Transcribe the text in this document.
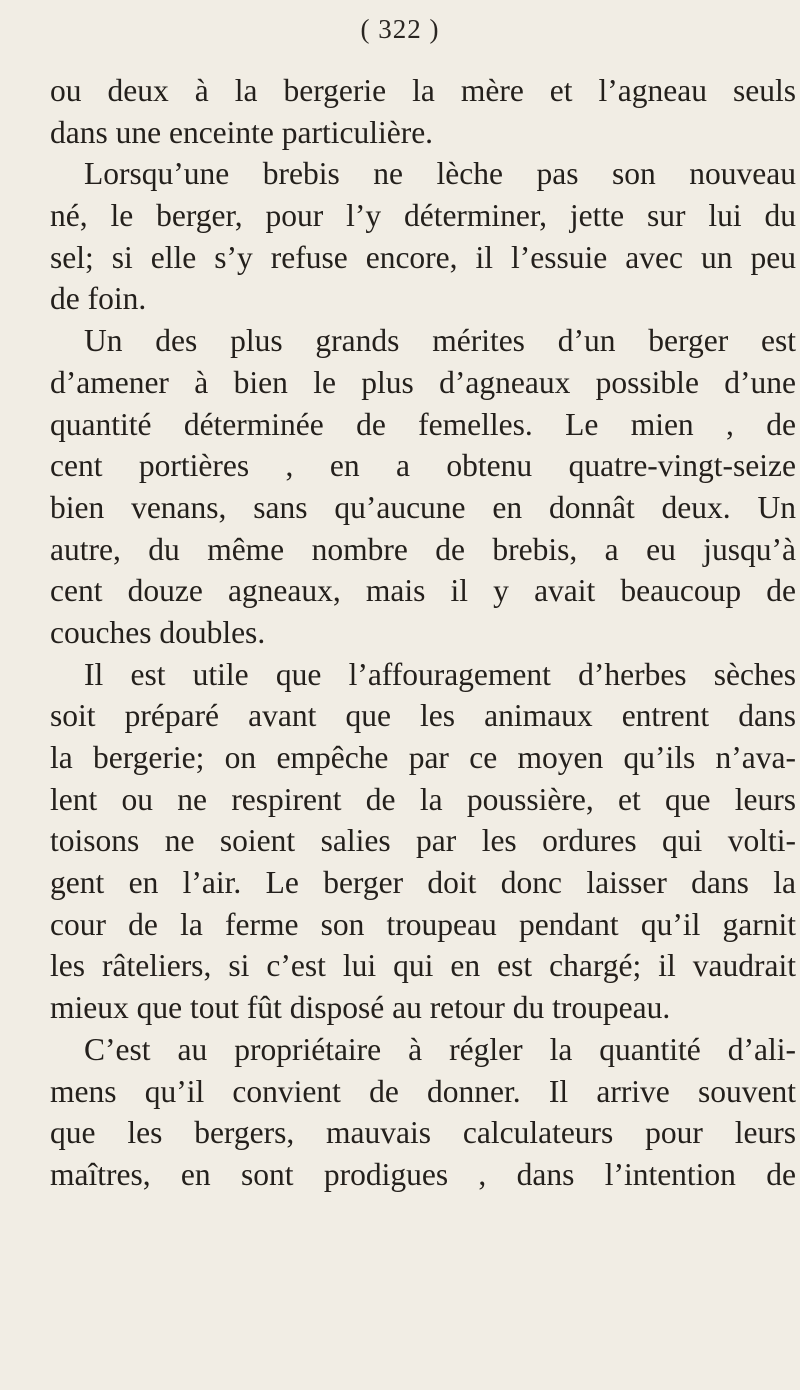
( 322 )
ou deux à la bergerie la mère et l’agneau seuls
dans une enceinte particulière.
Lorsqu’une brebis ne lèche pas son nouveau
né, le berger, pour l’y déterminer, jette sur lui du
sel; si elle s’y refuse encore, il l’essuie avec un peu
de foin.
Un des plus grands mérites d’un berger est
d’amener à bien le plus d’agneaux possible d’une
quantité déterminée de femelles. Le mien , de
cent portières , en a obtenu quatre-vingt-seize
bien venans, sans qu’aucune en donnât deux. Un
autre, du même nombre de brebis, a eu jusqu’à
cent douze agneaux, mais il y avait beaucoup de
couches doubles.
Il est utile que l’affouragement d’herbes sèches
soit préparé avant que les animaux entrent dans
la bergerie; on empêche par ce moyen qu’ils n’ava-
lent ou ne respirent de la poussière, et que leurs
toisons ne soient salies par les ordures qui volti-
gent en l’air. Le berger doit donc laisser dans la
cour de la ferme son troupeau pendant qu’il garnit
les râteliers, si c’est lui qui en est chargé; il vaudrait
mieux que tout fût disposé au retour du troupeau.
C’est au propriétaire à régler la quantité d’ali-
mens qu’il convient de donner. Il arrive souvent
que les bergers, mauvais calculateurs pour leurs
maîtres, en sont prodigues , dans l’intention de
